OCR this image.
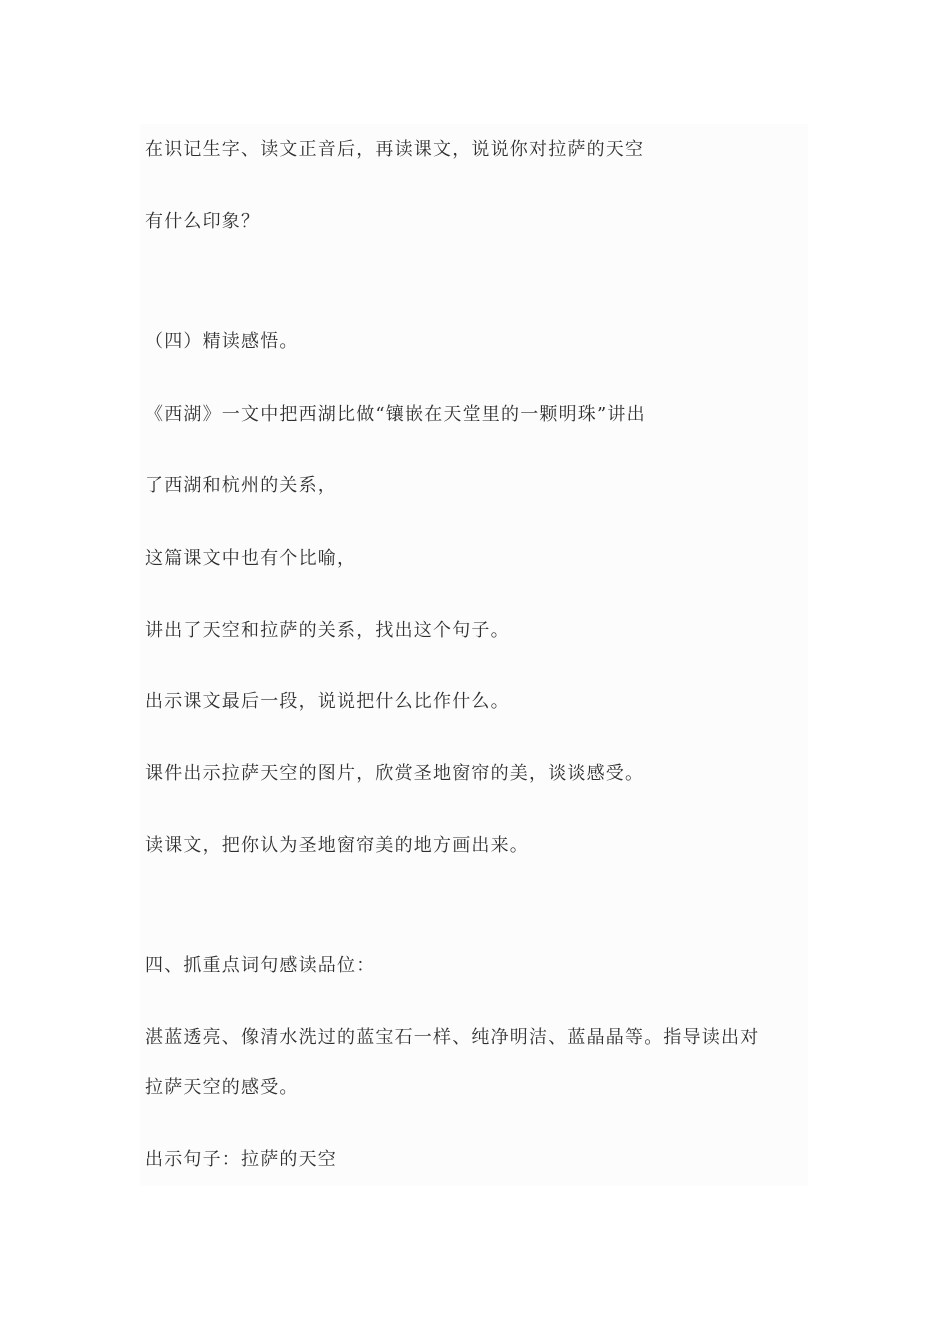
在识记生字、读文正音后，再读课文，说说你对拉萨的天空
有什么印象？
（四）精读感悟。
《西湖》一文中把西湖比做“镶嵌在天堂里的一颗明珠”讲出
了西湖和杭州的关系，
这篇课文中也有个比喻，
讲出了天空和拉萨的关系，找出这个句子。
出示课文最后一段，说说把什么比作什么。
课件出示拉萨天空的图片，欣赏圣地窗帘的美，谈谈感受。
读课文，把你认为圣地窗帘美的地方画出来。
四、抓重点词句感读品位：
湛蓝透亮、像清水洗过的蓝宝石一样、纯净明洁、蓝晶晶等。指导读出对
拉萨天空的感受。
出示句子：拉萨的天空
